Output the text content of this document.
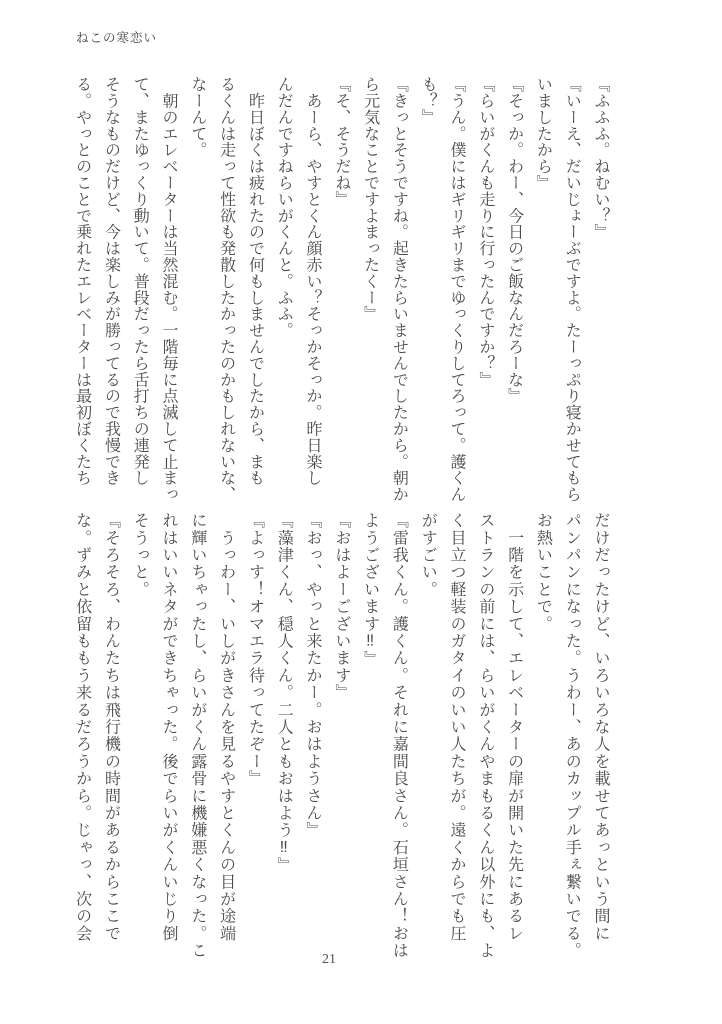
ねこの寒恋い

『ふふふ。ねむい？』

『いーえ、だいじょーぶですよ。たーっぷり寝かせてもら

いましたから』

『そっか。わー、今日のご飯なんだろーな』

『らいがくんも走りに行ったんですか？』

『うん。僕にはギリギリまでゆっくりしてろって。護くん

も？』

『きっとそうですね。起きたらいませんでしたから。朝か

ら元気なことですよまったくー』

『そ、そうだね』

　あーら、やすとくん顔赤い？そっかそっか。昨日楽し

んだんですねらいがくんと。ふふ。

　昨日ぼくは疲れたので何もしませんでしたから、まも

るくんは走って性欲も発散したかったのかもしれないな、

なーんて。

　朝のエレベーターは当然混む。一階毎に点滅して止まっ

て、またゆっくり動いて。普段だったら舌打ちの連発し

そうなものだけど、今は楽しみが勝ってるので我慢でき

る。やっとのことで乗れたエレベーターは最初ぼくたち

だけだったけど、いろいろな人を載せてあっという間に

パンパンになった。うわー、あのカップル手ぇ繋いでる。

お熱いことで。

　一階を示して、エレベーターの扉が開いた先にあるレ

ストランの前には、らいがくんやまもるくん以外にも、よ

く目立つ軽装のガタイのいい人たちが。遠くからでも圧

がすごい。

『雷我くん。護くん。それに嘉間良さん。石垣さん！おは

ようございます‼』

『おはよーございます』

『おっ、やっと来たかー。おはようさん』

『藻津くん、穏人くん。二人ともおはよう‼』

『よっす！オマエラ待ってたぞー』

　うっわー、いしがきさんを見るやすとくんの目が途端

に輝いちゃったし、らいがくん露骨に機嫌悪くなった。こ

れはいいネタができちゃった。後でらいがくんいじり倒

そうっと。

『そろそろ、わんたちは飛行機の時間があるからここで

な。ずみと依留ももう来るだろうから。じゃっ、次の会

21
